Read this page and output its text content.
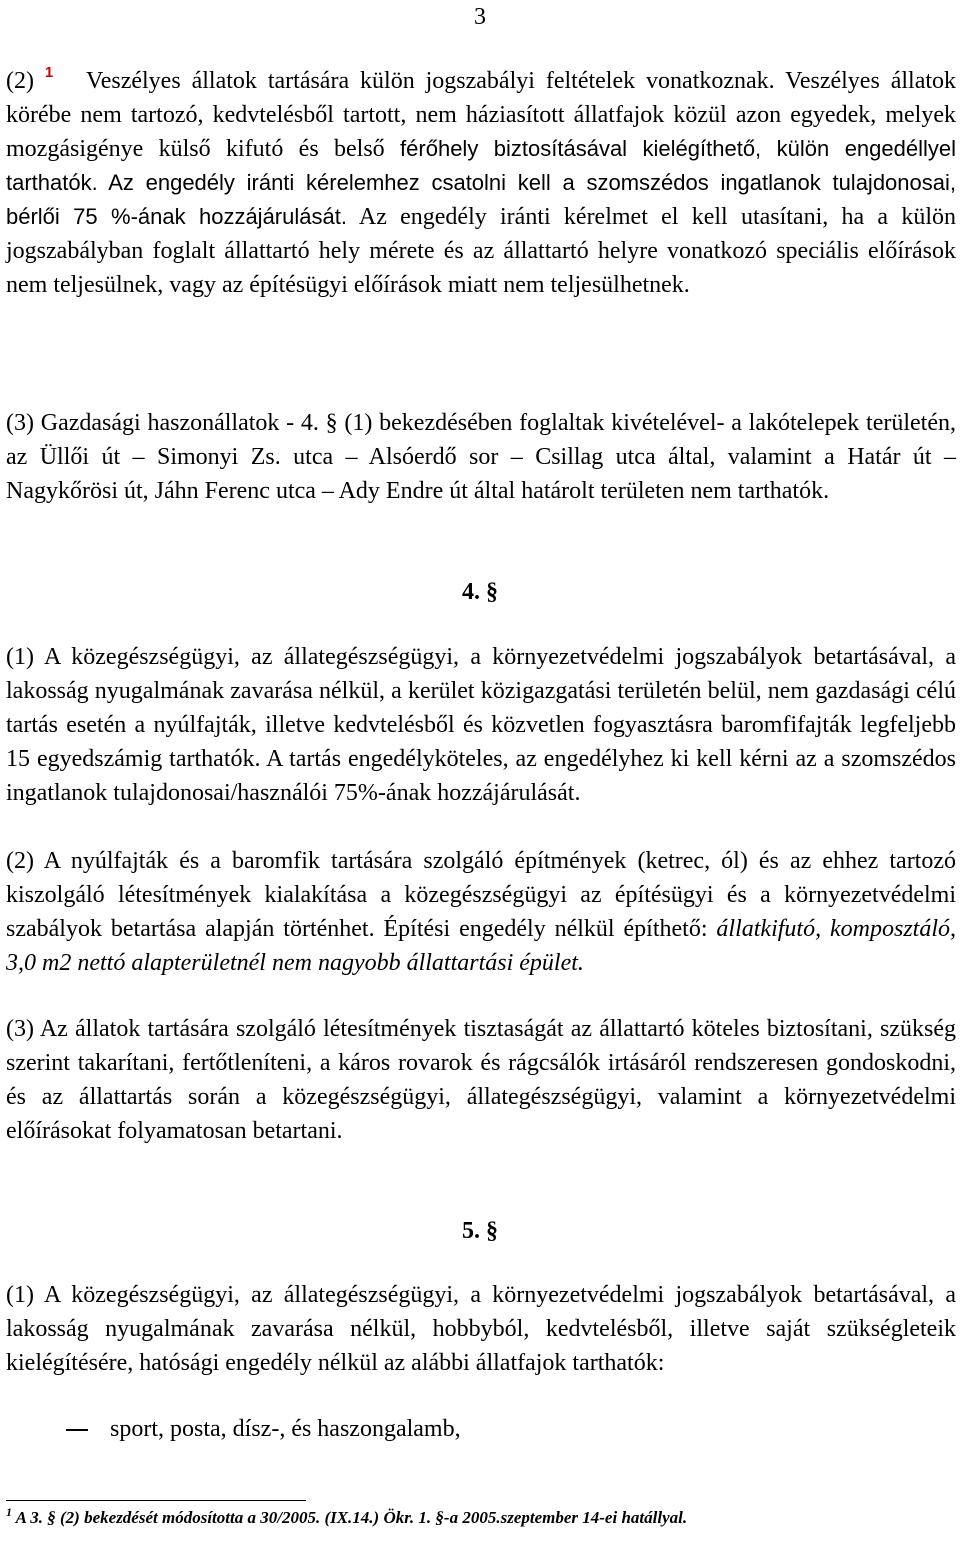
3

(2) $^1$ Veszélyes állatok tartására külön jogszabályi feltételek vonatkoznak. Veszélyes állatok körébe nem tartozó, kedvtelésből tartott, nem háziasított állatfajok közül azon egyedek, melyek mozgásigénye külső kifutó és belső férőhely biztosításával kielégíthető, külön engedéllyel tarthatók. Az engedély iránti kérelemhez csatolni kell a szomszédos ingatlanok tulajdonosai, bérlői 75 %-ának hozzájárulását. Az engedély iránti kérelmet el kell utasítani, ha a külön jogszabályban foglalt állattartó hely mérete és az állattartó helyre vonatkozó speciális előírások nem teljesülnek, vagy az építésügyi előírások miatt nem teljesülhetnek.

(3) Gazdasági haszonállatok - 4. § (1) bekezdésében foglaltak kivételével- a lakótelepek területén, az Üllői út – Simonyi Zs. utca – Alsóerdő sor – Csillag utca által, valamint a Határ út – Nagykőrösi út, Jáhn Ferenc utca – Ady Endre út által határolt területen nem tarthatók.

4. §

(1) A közegészségügyi, az állategészségügyi, a környezetvédelmi jogszabályok betartásával, a lakosság nyugalmának zavarása nélkül, a kerület közigazgatási területén belül, nem gazdasági célú tartás esetén a nyúlfajták, illetve kedvtelésből és közvetlen fogyasztásra baromfifajták legfeljebb 15 egyedszámig tarthatók. A tartás engedélyköteles, az engedélyhez ki kell kérni az a szomszédos ingatlanok tulajdonosai/használói 75%-ának hozzájárulását.

(2) A nyúlfajták és a baromfik tartására szolgáló építmények (ketrec, ól) és az ehhez tartozó kiszolgáló létesítmények kialakítása a közegészségügyi az építésügyi és a környezetvédelmi szabályok betartása alapján történhet. Építési engedély nélkül építhető: állatkifutó, komposztáló, 3,0 m2 nettó alapterületnél nem nagyobb állattartási épület.

(3) Az állatok tartására szolgáló létesítmények tisztaságát az állattartó köteles biztosítani, szükség szerint takarítani, fertőtleníteni, a káros rovarok és rágcsálók irtásáról rendszeresen gondoskodni, és az állattartás során a közegészségügyi, állategészségügyi, valamint a környezetvédelmi előírásokat folyamatosan betartani.

5. §

(1) A közegészségügyi, az állategészségügyi, a környezetvédelmi jogszabályok betartásával, a lakosság nyugalmának zavarása nélkül, hobbyból, kedvtelésből, illetve saját szükségleteik kielégítésére, hatósági engedély nélkül az alábbi állatfajok tarthatók:

sport, posta, dísz-, és haszongalamb,
$^1$ A 3. § (2) bekezdését módosította a 30/2005. (IX.14.) Ökr. 1. §-a 2005.szeptember 14-ei hatállyal.
